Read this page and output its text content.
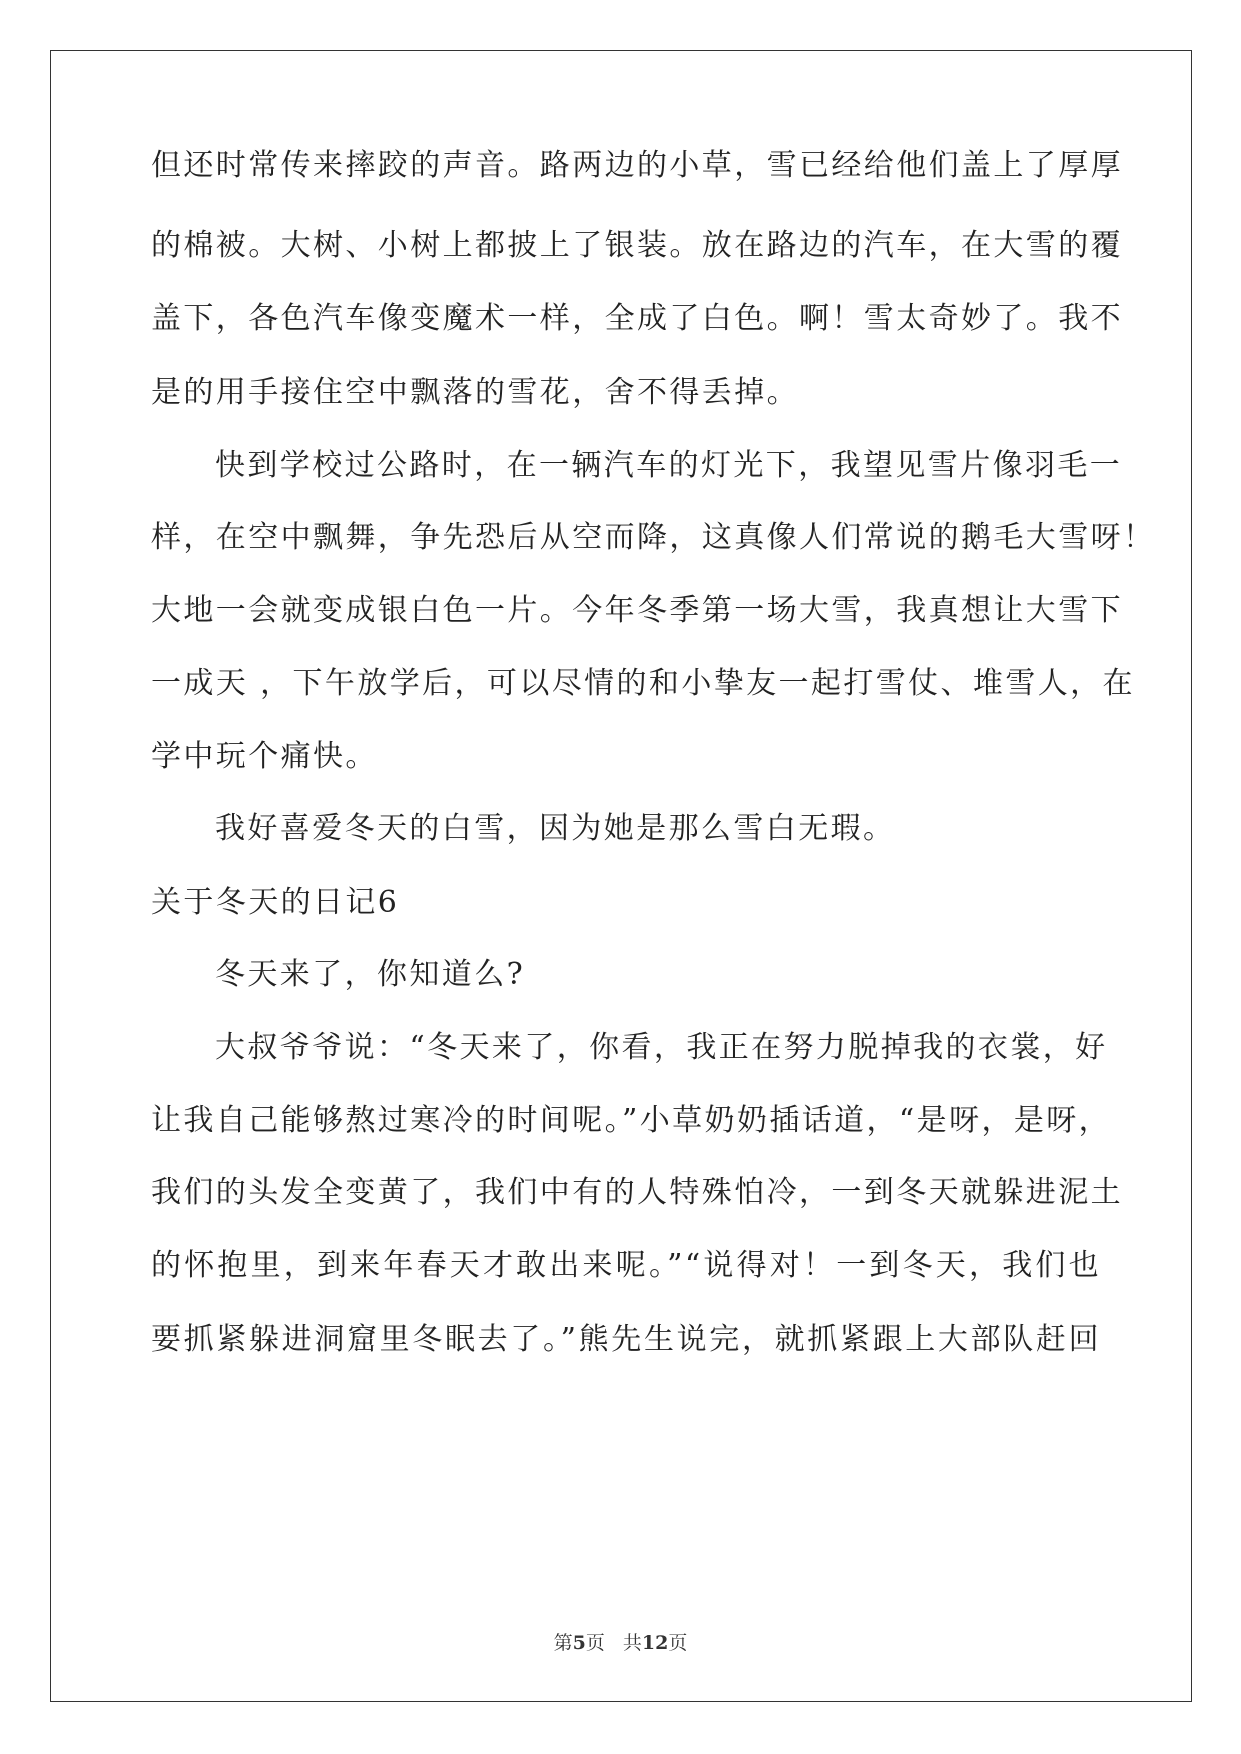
但还时常传来摔跤的声音。路两边的小草，雪已经给他们盖上了厚厚
的棉被。大树、小树上都披上了银装。放在路边的汽车，在大雪的覆
盖下，各色汽车像变魔术一样，全成了白色。啊！雪太奇妙了。我不
是的用手接住空中飘落的雪花，舍不得丢掉。
快到学校过公路时，在一辆汽车的灯光下，我望见雪片像羽毛一
样，在空中飘舞，争先恐后从空而降，这真像人们常说的鹅毛大雪呀！
大地一会就变成银白色一片。今年冬季第一场大雪，我真想让大雪下
一成天 ，下午放学后，可以尽情的和小挚友一起打雪仗、堆雪人，在
学中玩个痛快。
我好喜爱冬天的白雪，因为她是那么雪白无瑕。
关于冬天的日记6
冬天来了，你知道么?
大叔爷爷说：“冬天来了，你看，我正在努力脱掉我的衣裳，好
让我自己能够熬过寒冷的时间呢。”小草奶奶插话道，“是呀，是呀，
我们的头发全变黄了，我们中有的人特殊怕冷，一到冬天就躲进泥土
的怀抱里，到来年春天才敢出来呢。”“说得对！一到冬天，我们也
要抓紧躲进洞窟里冬眠去了。”熊先生说完，就抓紧跟上大部队赶回
第5页 共12页
